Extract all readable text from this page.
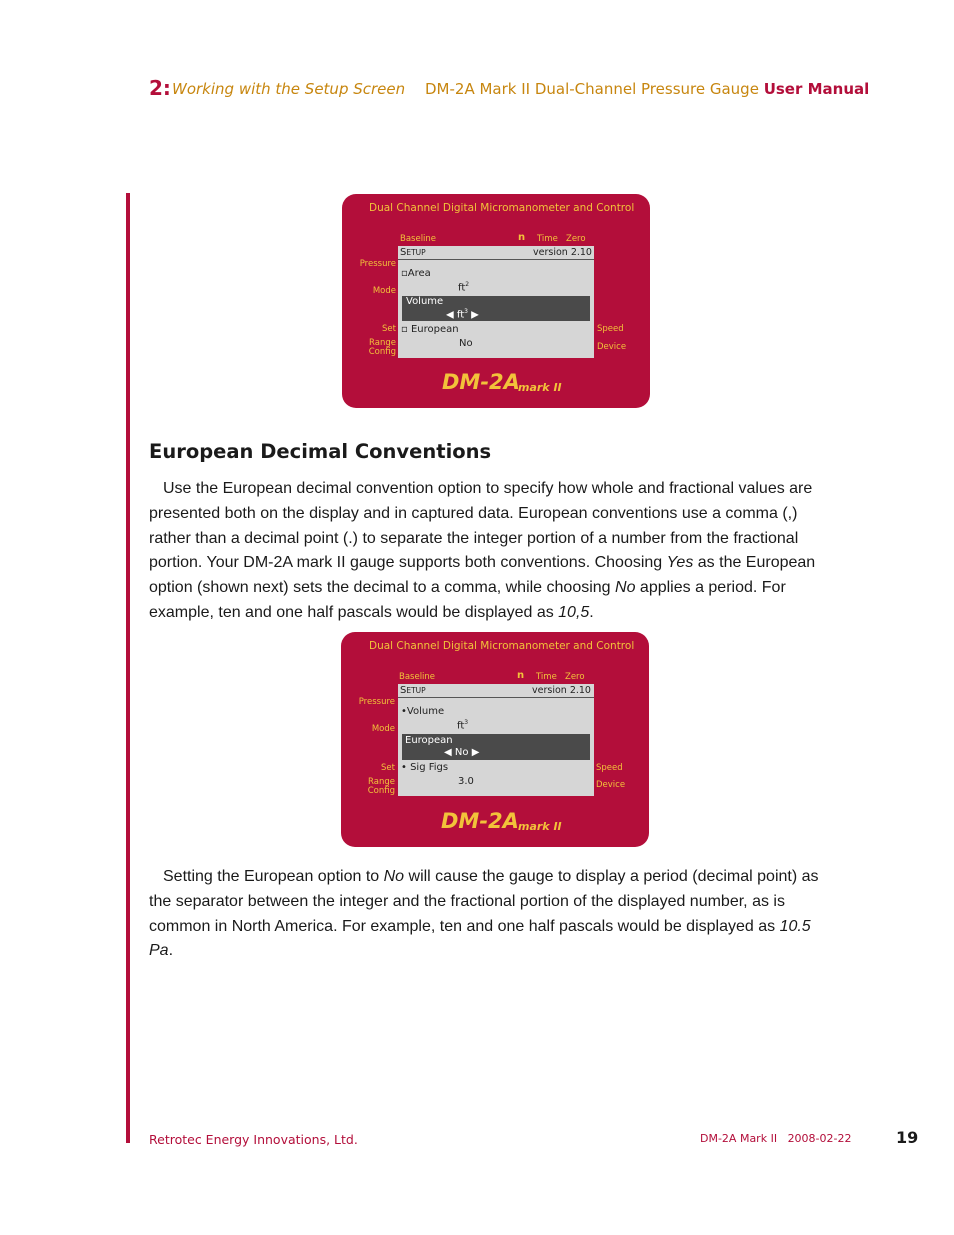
2: Working with the Setup Screen DM-2A Mark II Dual-Channel Pressure Gauge User Manual
Dual Channel Digital Micromanometer and Control
Baseline	n Time Zero
Pressure
Mode
Set
Range
Config
Speed
Device
SETUP	version 2.10
▫Area
$ft^2$
Volume
◀ $ft^3$ ▶
▫ European
No
DM-2A
mark II
European Decimal Conventions
Use the European decimal convention option to specify how whole and fractional values are presented both on the display and in captured data. European conventions use a comma (,) rather than a decimal point (.) to separate the integer portion of a number from the fractional portion. Your DM-2A mark II gauge supports both conventions. Choosing Yes as the European option (shown next) sets the decimal to a comma, while choosing No applies a period. For example, ten and one half pascals would be displayed as 10,5.
Dual Channel Digital Micromanometer and Control
Baseline	n Time Zero
Pressure
Mode
Set
Range
Config
Speed
Device
SETUP	version 2.10
•Volume
$ft^3$
European
◀ No ▶
• Sig Figs
3.0
DM-2A mark II
Setting the European option to No will cause the gauge to display a period (decimal point) as the separator between the integer and the fractional portion of the displayed number, as is common in North America. For example, ten and one half pascals would be displayed as 10.5 Pa.
Retrotec Energy Innovations, Ltd.	DM-2A Mark II 2008-02-22	19
